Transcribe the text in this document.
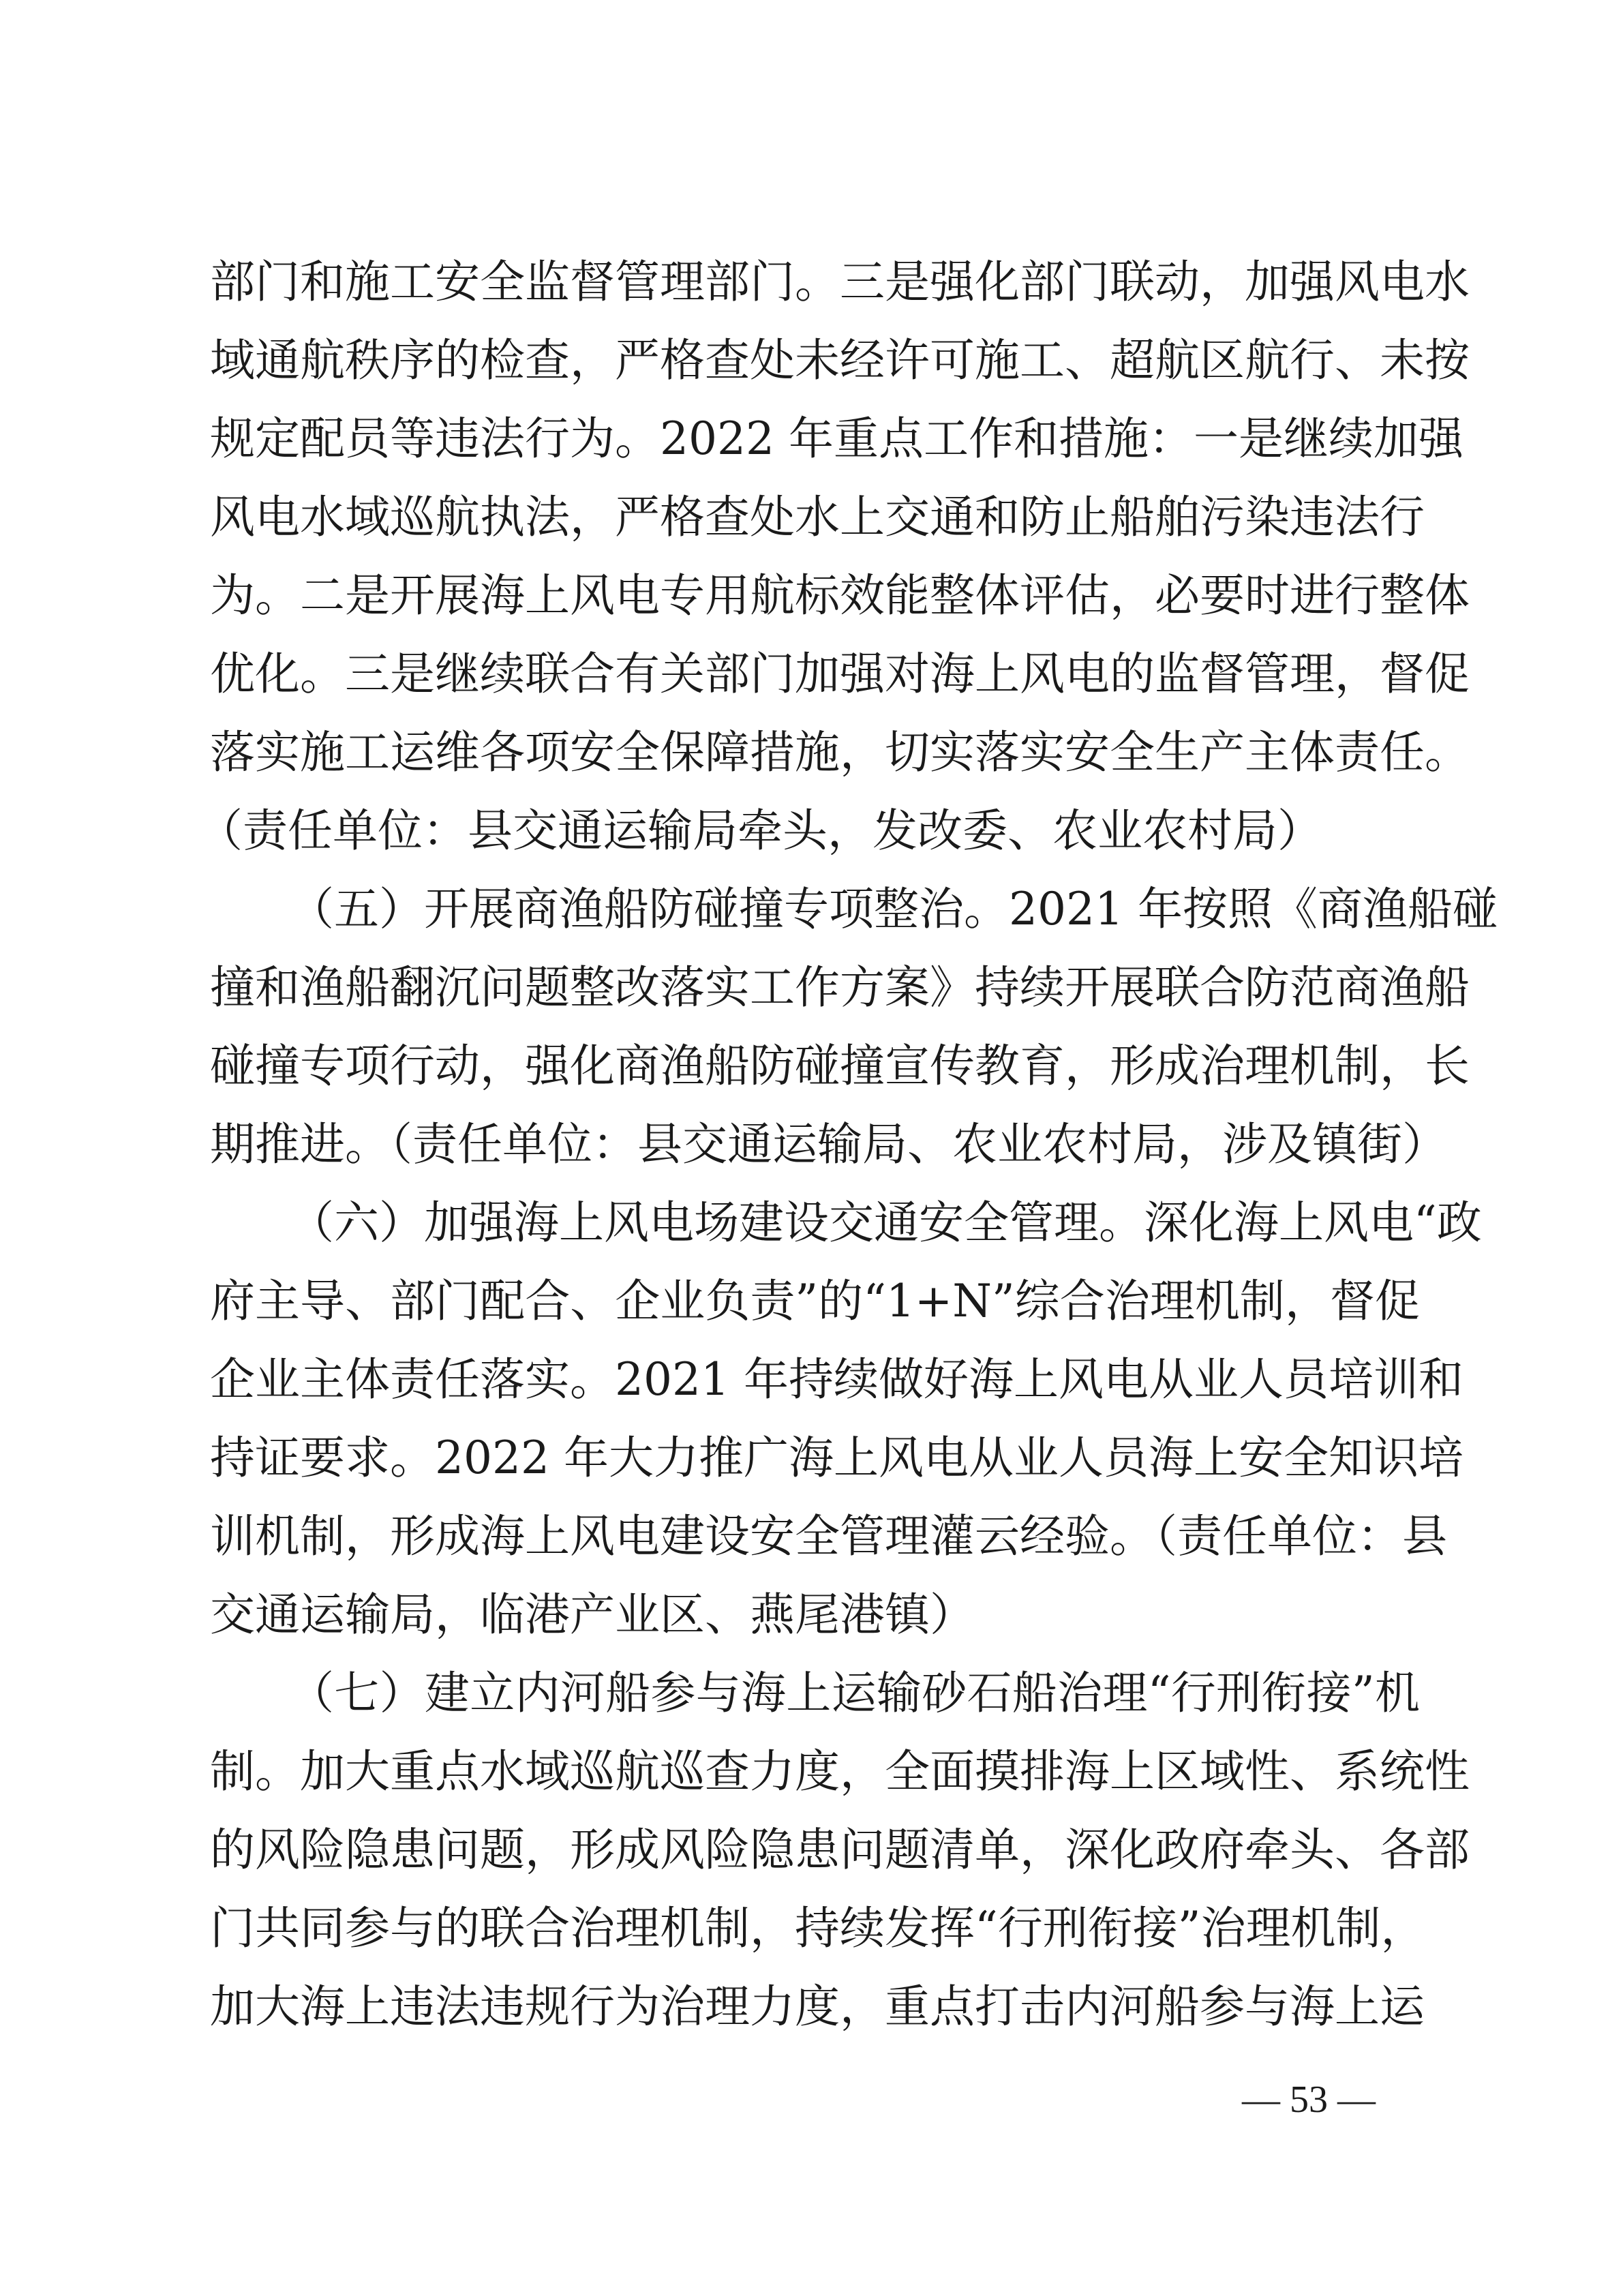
部门和施工安全监督管理部门。三是强化部门联动，加强风电水
域通航秩序的检查，严格查处未经许可施工、超航区航行、未按
规定配员等违法行为。2022 年重点工作和措施：一是继续加强
风电水域巡航执法，严格查处水上交通和防止船舶污染违法行
为。二是开展海上风电专用航标效能整体评估，必要时进行整体
优化。三是继续联合有关部门加强对海上风电的监督管理，督促
落实施工运维各项安全保障措施，切实落实安全生产主体责任。
（责任单位：县交通运输局牵头，发改委、农业农村局）
（五）开展商渔船防碰撞专项整治。2021 年按照《商渔船碰
撞和渔船翻沉问题整改落实工作方案》持续开展联合防范商渔船
碰撞专项行动，强化商渔船防碰撞宣传教育，形成治理机制，长
期推进。（责任单位：县交通运输局、农业农村局，涉及镇街）
（六）加强海上风电场建设交通安全管理。深化海上风电“政
府主导、部门配合、企业负责”的“1+N”综合治理机制，督促
企业主体责任落实。2021 年持续做好海上风电从业人员培训和
持证要求。2022 年大力推广海上风电从业人员海上安全知识培
训机制，形成海上风电建设安全管理灌云经验。（责任单位：县
交通运输局，临港产业区、燕尾港镇）
（七）建立内河船参与海上运输砂石船治理“行刑衔接”机
制。加大重点水域巡航巡查力度，全面摸排海上区域性、系统性
的风险隐患问题，形成风险隐患问题清单，深化政府牵头、各部
门共同参与的联合治理机制，持续发挥“行刑衔接”治理机制，
加大海上违法违规行为治理力度，重点打击内河船参与海上运
— 53 —
